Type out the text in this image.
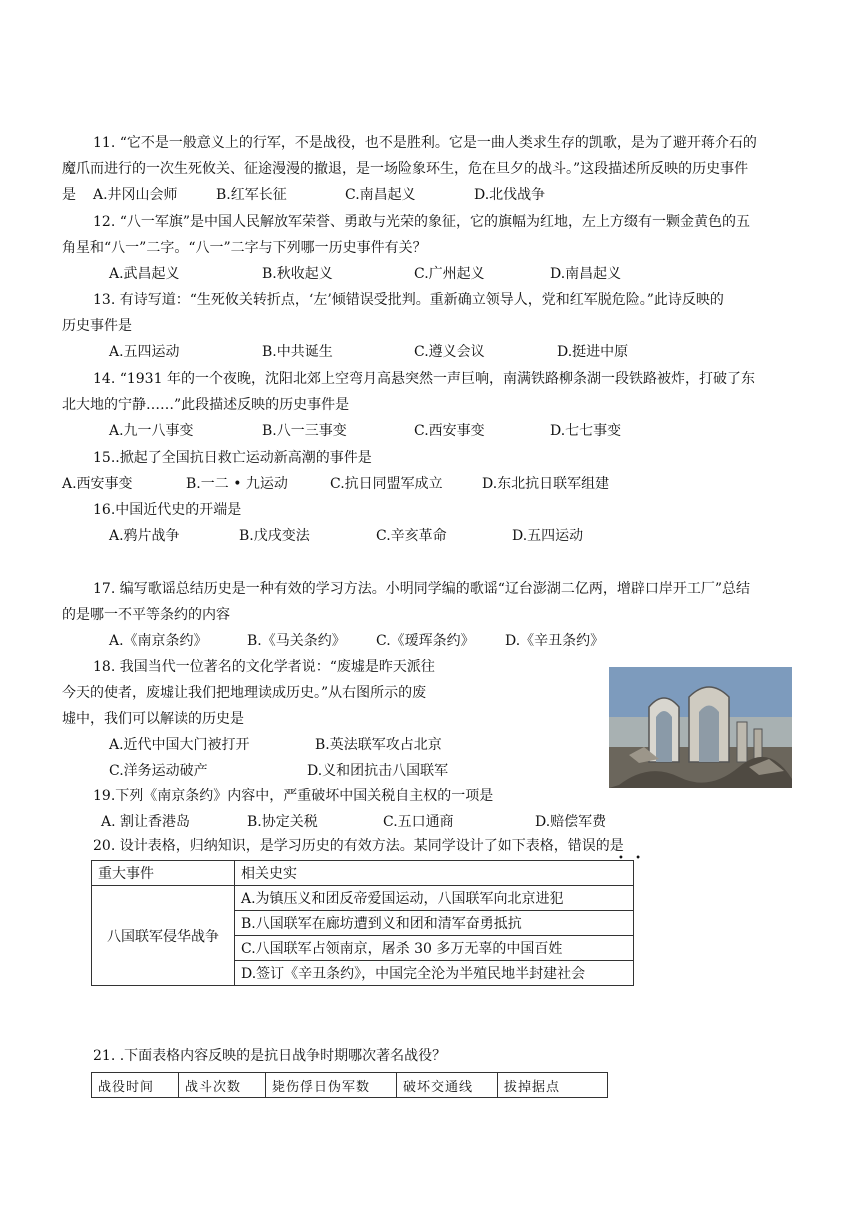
11. “它不是一般意义上的行军，不是战役，也不是胜利。它是一曲人类求生存的凯歌，是为了避开蒋介石的
魔爪而进行的一次生死攸关、征途漫漫的撤退，是一场险象环生，危在旦夕的战斗。”这段描述所反映的历史事件
是 A.井冈山会师	B.红军长征	C.南昌起义	D.北伐战争
12. “八一军旗”是中国人民解放军荣誉、勇敢与光荣的象征，它的旗幅为红地，左上方缀有一颗金黄色的五
角星和“八一”二字。“八一”二字与下列哪一历史事件有关？
A.武昌起义	B.秋收起义	C.广州起义	D.南昌起义
13. 有诗写道：“生死攸关转折点，‘左’倾错误受批判。重新确立领导人，党和红军脱危险。”此诗反映的
历史事件是
A.五四运动	B.中共诞生	C.遵义会议	D.挺进中原
14. “1931 年的一个夜晚，沈阳北郊上空弯月高悬突然一声巨响，南满铁路柳条湖一段铁路被炸，打破了东
北大地的宁静……”此段描述反映的历史事件是
A.九一八事变	B.八一三事变	C.西安事变	D.七七事变
15..掀起了全国抗日救亡运动新高潮的事件是
A.西安事变	B.一二 • 九运动	C.抗日同盟军成立	D.东北抗日联军组建
16.中国近代史的开端是
A.鸦片战争	B.戊戌变法	C.辛亥革命	D.五四运动
17. 编写歌谣总结历史是一种有效的学习方法。小明同学编的歌谣“辽台澎湖二亿两，增辟口岸开工厂”总结
的是哪一不平等条约的内容
A.《南京条约》	B.《马关条约》 C.《瑷珲条约》 D.《辛丑条约》
18. 我国当代一位著名的文化学者说：“废墟是昨天派往
今天的使者，废墟让我们把地理读成历史。”从右图所示的废
墟中，我们可以解读的历史是
A.近代中国大门被打开	B.英法联军攻占北京
C.洋务运动破产	D.义和团抗击八国联军
19.下列《南京条约》内容中，严重破坏中国关税自主权的一项是
A. 割让香港岛	B.协定关税	C.五口通商	D.赔偿军费
20. 设计表格，归纳知识，是学习历史的有效方法。某同学设计了如下表格，错误的是
• •
重大事件	相关史实
八国联军侵华战争	A.为镇压义和团反帝爱国运动，八国联军向北京进犯
	B.八国联军在廊坊遭到义和团和清军奋勇抵抗
	C.八国联军占领南京，屠杀 30 多万无辜的中国百姓
	D.签订《辛丑条约》，中国完全沦为半殖民地半封建社会
21. .下面表格内容反映的是抗日战争时期哪次著名战役？
战役时间	战斗次数	毙伤俘日伪军数	破坏交通线	拔掉据点
